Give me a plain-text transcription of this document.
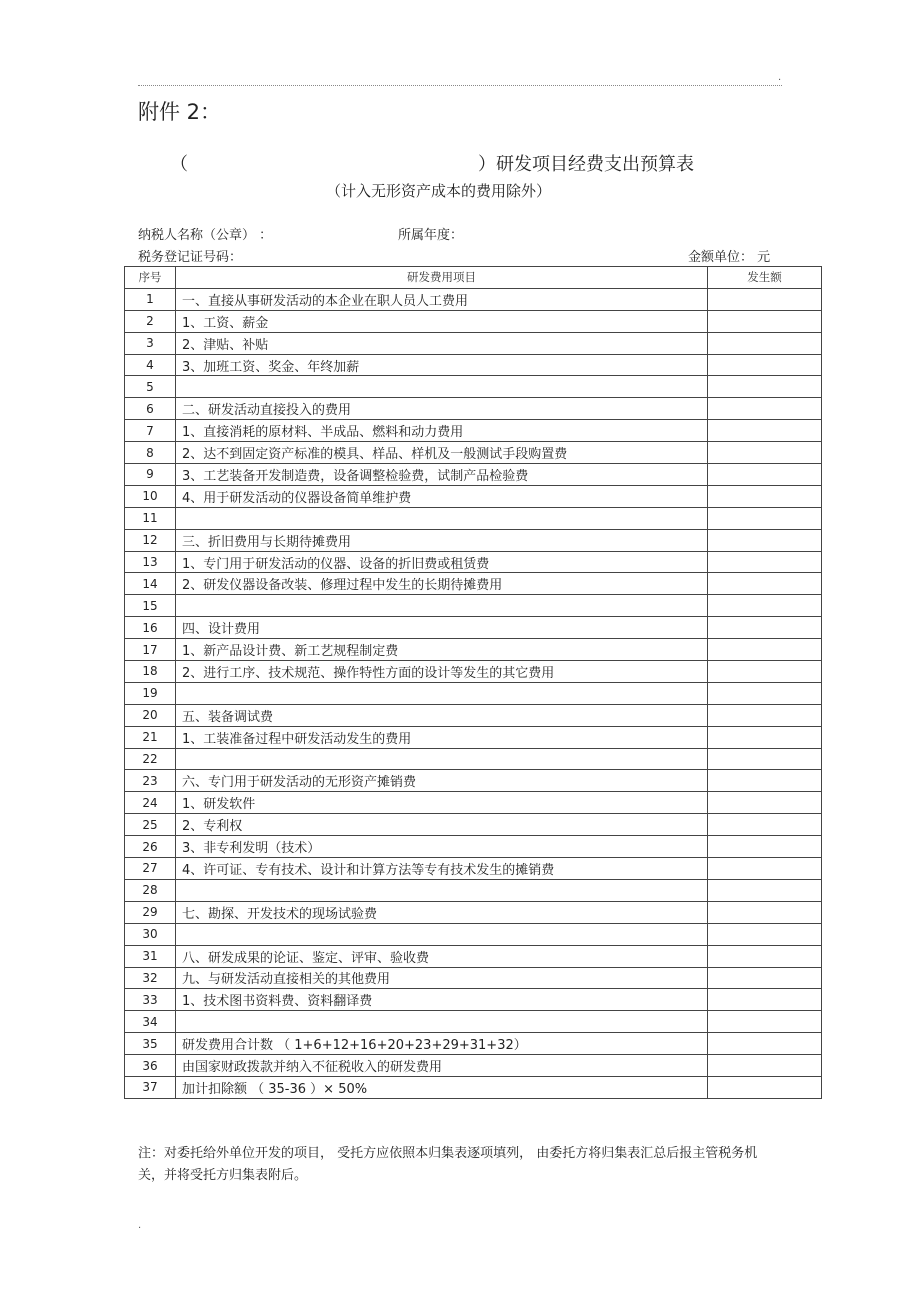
.
.
附件 2：
（	）研发项目经费支出预算表
（计入无形资产成本的费用除外）
纳税人名称（公章） ：	所属年度：
税务登记证号码：	金额单位： 元
序号	研发费用项目	发生额
1	一、直接从事研发活动的本企业在职人员人工费用	
2	1、工资、薪金	
3	2、津贴、补贴	
4	3、加班工资、奖金、年终加薪	
5		
6	二、研发活动直接投入的费用	
7	1、直接消耗的原材料、半成品、燃料和动力费用	
8	2、达不到固定资产标准的模具、样品、样机及一般测试手段购置费	
9	3、工艺装备开发制造费，设备调整检验费，试制产品检验费	
10	4、用于研发活动的仪器设备简单维护费	
11		
12	三、折旧费用与长期待摊费用	
13	1、专门用于研发活动的仪器、设备的折旧费或租赁费	
14	2、研发仪器设备改装、修理过程中发生的长期待摊费用	
15		
16	四、设计费用	
17	1、新产品设计费、新工艺规程制定费	
18	2、进行工序、技术规范、操作特性方面的设计等发生的其它费用	
19		
20	五、装备调试费	
21	1、工装准备过程中研发活动发生的费用	
22		
23	六、专门用于研发活动的无形资产摊销费	
24	1、研发软件	
25	2、专利权	
26	3、非专利发明（技术）	
27	4、许可证、专有技术、设计和计算方法等专有技术发生的摊销费	
28		
29	七、勘探、开发技术的现场试验费	
30		
31	八、研发成果的论证、鉴定、评审、验收费	
32	九、与研发活动直接相关的其他费用	
33	1、技术图书资料费、资料翻译费	
34		
35	研发费用合计数 （ 1+6+12+16+20+23+29+31+32）	
36	由国家财政拨款并纳入不征税收入的研发费用	
37	加计扣除额 （ 35-36 ）× 50%	
注：对委托给外单位开发的项目， 受托方应依照本归集表逐项填列， 由委托方将归集表汇总后报主管税务机关，并将受托方归集表附后。
